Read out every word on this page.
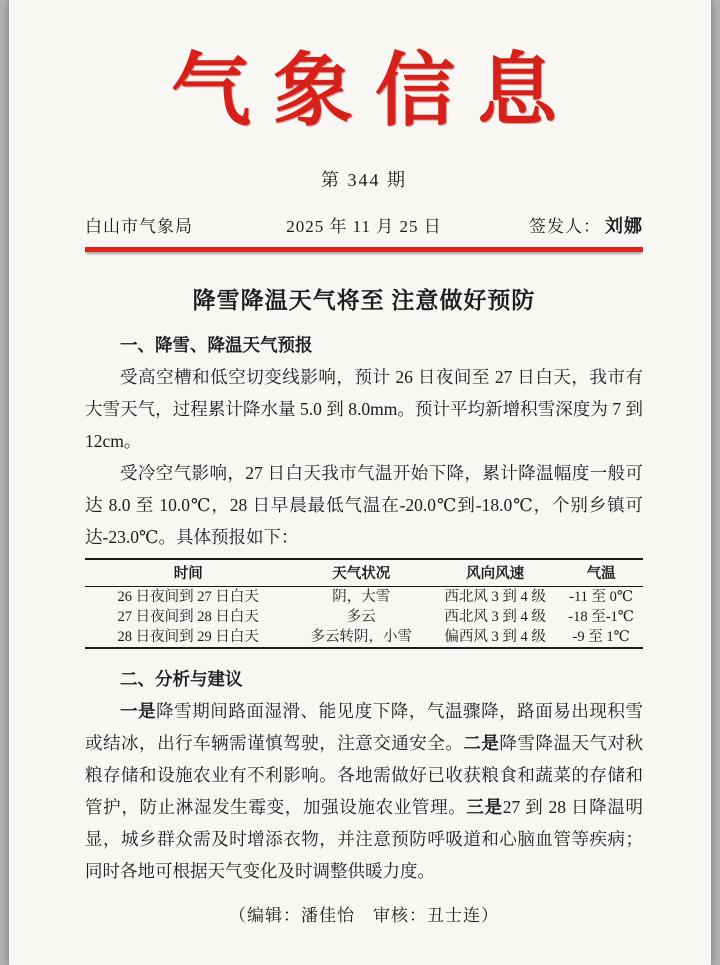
气象信息
第 344 期
白山市气象局	2025 年 11 月 25 日	签发人： 刘娜
降雪降温天气将至 注意做好预防

一、降雪、降温天气预报

受高空槽和低空切变线影响，预计 26 日夜间至 27 日白天，我市有大雪天气，过程累计降水量 5.0 到 8.0mm。预计平均新增积雪深度为 7 到 12cm。

受冷空气影响，27 日白天我市气温开始下降，累计降温幅度一般可达 8.0 至 10.0℃，28 日早晨最低气温在-20.0℃到-18.0℃，个别乡镇可达-23.0℃。具体预报如下：

时间	天气状况	风向风速	气温
26 日夜间到 27 日白天	阴，大雪	西北风 3 到 4 级	-11 至 0℃
27 日夜间到 28 日白天	多云	西北风 3 到 4 级	-18 至-1℃
28 日夜间到 29 日白天	多云转阴，小雪	偏西风 3 到 4 级	-9 至 1℃

二、分析与建议

一是降雪期间路面湿滑、能见度下降，气温骤降，路面易出现积雪或结冰，出行车辆需谨慎驾驶，注意交通安全。二是降雪降温天气对秋粮存储和设施农业有不利影响。各地需做好已收获粮食和蔬菜的存储和管护，防止淋湿发生霉变，加强设施农业管理。三是27 到 28 日降温明显，城乡群众需及时增添衣物，并注意预防呼吸道和心脑血管等疾病；同时各地可根据天气变化及时调整供暖力度。

（编辑：潘佳怡　审核：丑士连）
